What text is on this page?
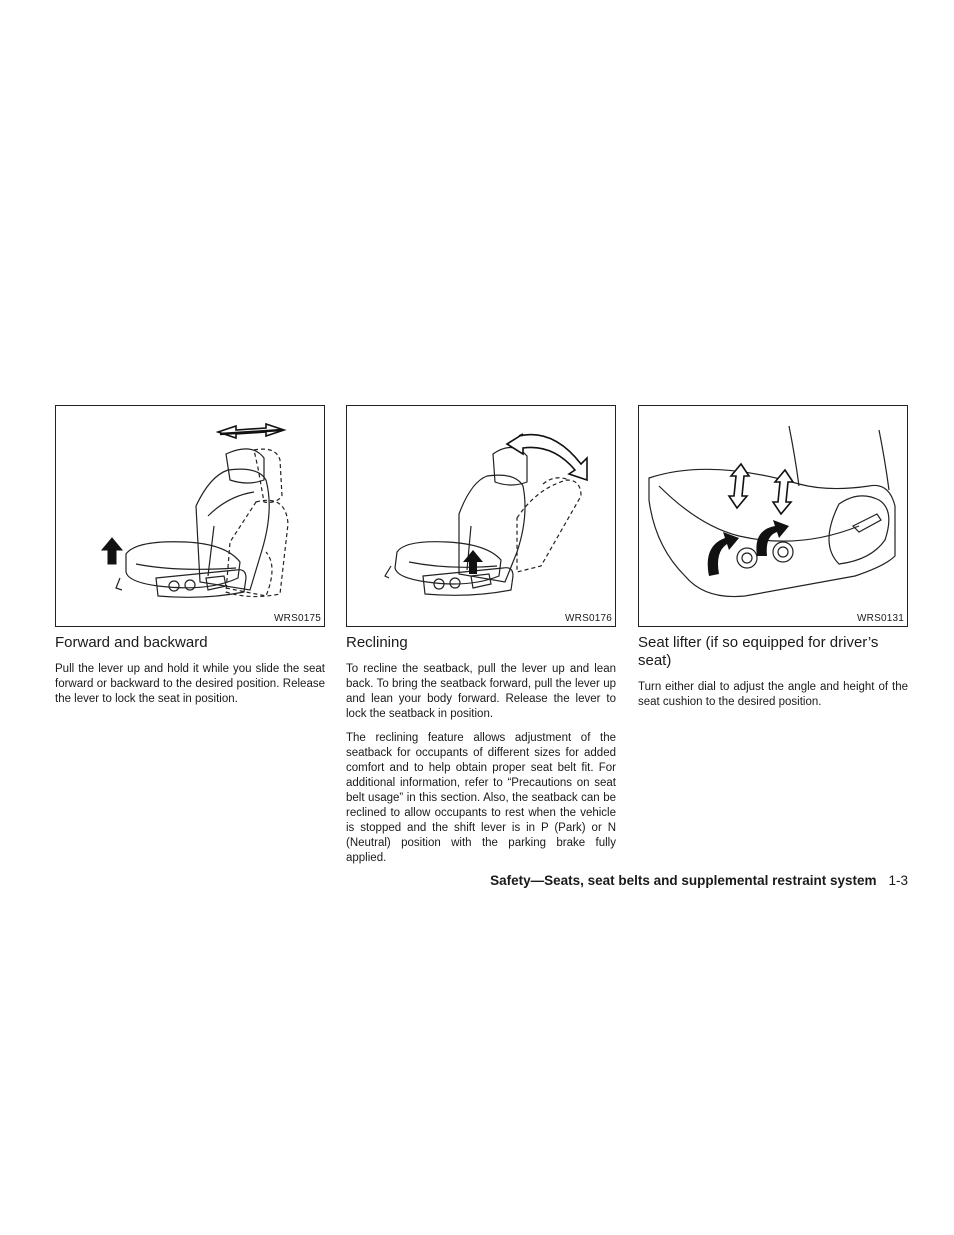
WRS0175
Forward and backward

Pull the lever up and hold it while you slide the seat forward or backward to the desired position. Release the lever to lock the seat in position.

WRS0176
Reclining

To recline the seatback, pull the lever up and lean back. To bring the seatback forward, pull the lever up and lean your body forward. Release the lever to lock the seatback in position.

The reclining feature allows adjustment of the seatback for occupants of different sizes for added comfort and to help obtain proper seat belt fit. For additional information, refer to “Precautions on seat belt usage” in this section. Also, the seatback can be reclined to allow occupants to rest when the vehicle is stopped and the shift lever is in P (Park) or N (Neutral) position with the parking brake fully applied.

WRS0131
Seat lifter (if so equipped for driver’s seat)

Turn either dial to adjust the angle and height of the seat cushion to the desired position.

Safety—Seats, seat belts and supplemental restraint system 1-3
